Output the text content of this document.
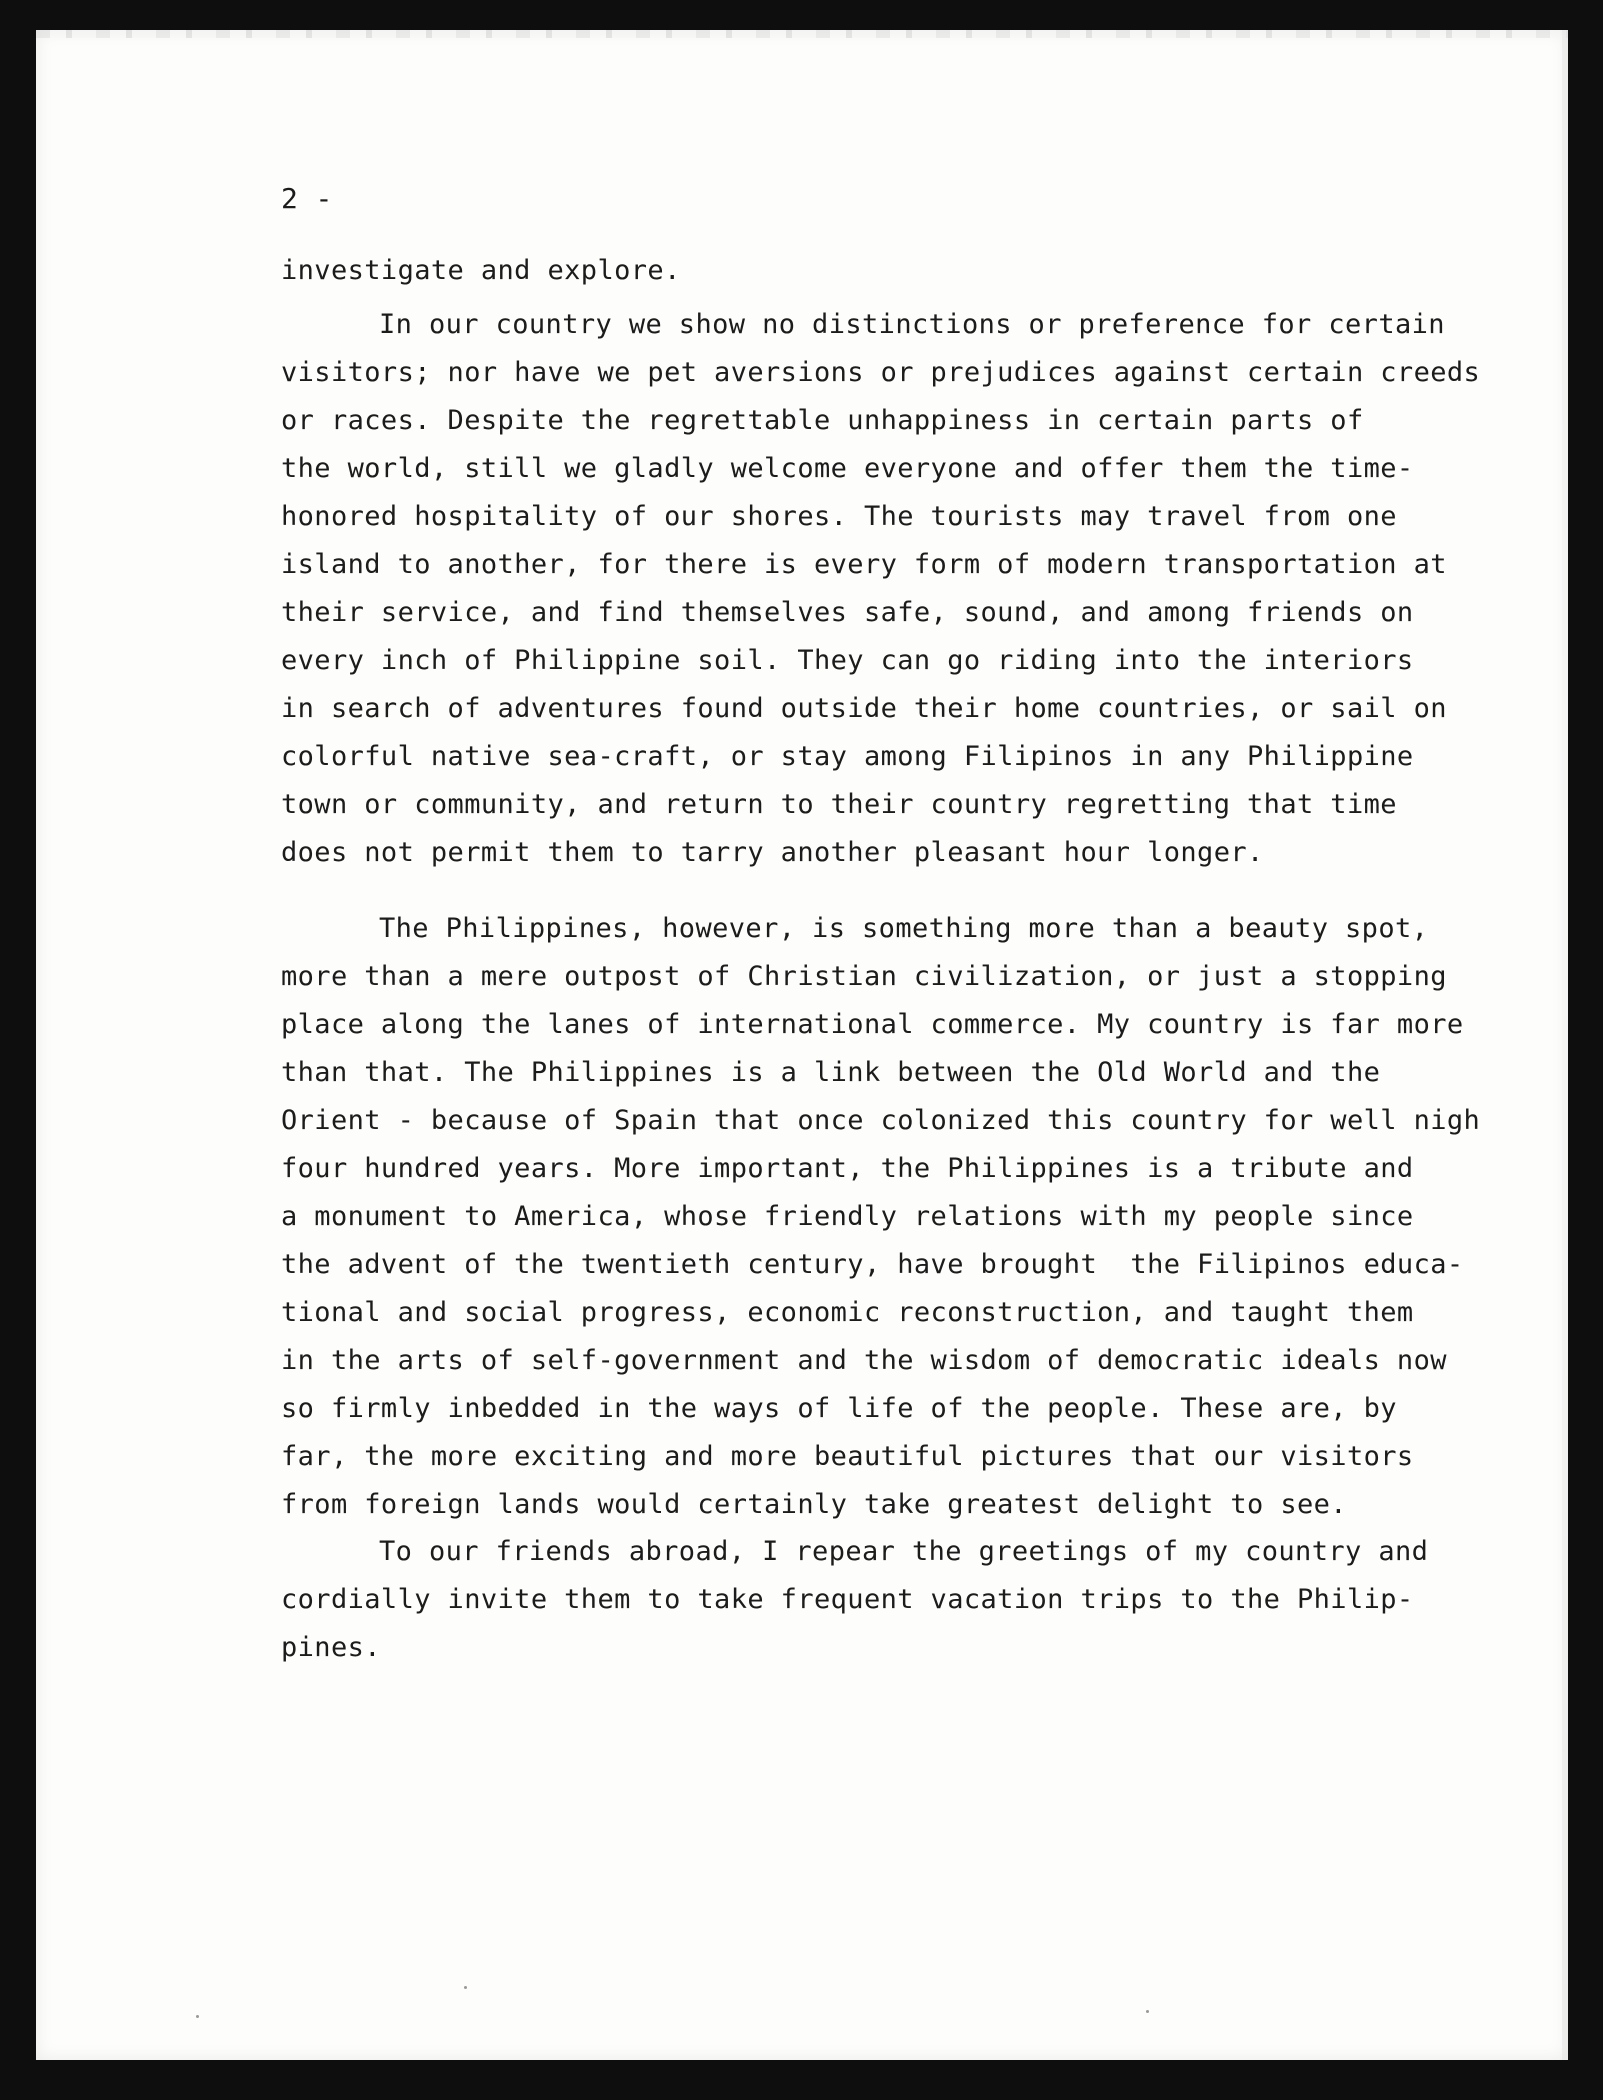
2 -
investigate and explore.
In our country we show no distinctions or preference for certain
visitors; nor have we pet aversions or prejudices against certain creeds
or races. Despite the regrettable unhappiness in certain parts of
the world, still we gladly welcome everyone and offer them the time-
honored hospitality of our shores. The tourists may travel from one
island to another, for there is every form of modern transportation at
their service, and find themselves safe, sound, and among friends on
every inch of Philippine soil. They can go riding into the interiors
in search of adventures found outside their home countries, or sail on
colorful native sea-craft, or stay among Filipinos in any Philippine
town or community, and return to their country regretting that time
does not permit them to tarry another pleasant hour longer.
The Philippines, however, is something more than a beauty spot,
more than a mere outpost of Christian civilization, or just a stopping
place along the lanes of international commerce. My country is far more
than that. The Philippines is a link between the Old World and the
Orient - because of Spain that once colonized this country for well nigh
four hundred years. More important, the Philippines is a tribute and
a monument to America, whose friendly relations with my people since
the advent of the twentieth century, have brought  the Filipinos educa-
tional and social progress, economic reconstruction, and taught them
in the arts of self-government and the wisdom of democratic ideals now
so firmly inbedded in the ways of life of the people. These are, by
far, the more exciting and more beautiful pictures that our visitors
from foreign lands would certainly take greatest delight to see.
To our friends abroad, I repear the greetings of my country and
cordially invite them to take frequent vacation trips to the Philip-
pines.
